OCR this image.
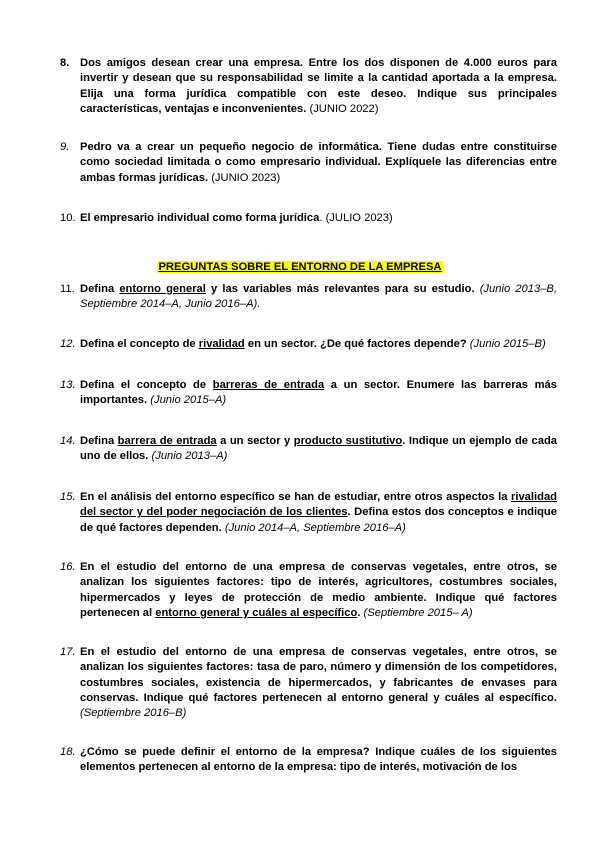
8. Dos amigos desean crear una empresa. Entre los dos disponen de 4.000 euros para invertir y desean que su responsabilidad se limite a la cantidad aportada a la empresa. Elija una forma jurídica compatible con este deseo. Indique sus principales características, ventajas e inconvenientes. (JUNIO 2022)
9. Pedro va a crear un pequeño negocio de informática. Tiene dudas entre constituirse como sociedad limitada o como empresario individual. Explíquele las diferencias entre ambas formas jurídicas. (JUNIO 2023)
10. El empresario individual como forma jurídica. (JULIO 2023)
PREGUNTAS SOBRE EL ENTORNO DE LA EMPRESA
11. Defina entorno general y las variables más relevantes para su estudio. (Junio 2013–B, Septiembre 2014–A, Junio 2016–A).
12. Defina el concepto de rivalidad en un sector. ¿De qué factores depende? (Junio 2015–B)
13. Defina el concepto de barreras de entrada a un sector. Enumere las barreras más importantes. (Junio 2015–A)
14. Defina barrera de entrada a un sector y producto sustitutivo. Indique un ejemplo de cada uno de ellos. (Junio 2013–A)
15. En el análisis del entorno específico se han de estudiar, entre otros aspectos la rivalidad del sector y del poder negociación de los clientes. Defina estos dos conceptos e indique de qué factores dependen. (Junio 2014–A, Septiembre 2016–A)
16. En el estudio del entorno de una empresa de conservas vegetales, entre otros, se analizan los siguientes factores: tipo de interés, agricultores, costumbres sociales, hipermercados y leyes de protección de medio ambiente. Indique qué factores pertenecen al entorno general y cuáles al específico. (Septiembre 2015– A)
17. En el estudio del entorno de una empresa de conservas vegetales, entre otros, se analizan los siguientes factores: tasa de paro, número y dimensión de los competidores, costumbres sociales, existencia de hipermercados, y fabricantes de envases para conservas. Indique qué factores pertenecen al entorno general y cuáles al específico. (Septiembre 2016–B)
18. ¿Cómo se puede definir el entorno de la empresa? Indique cuáles de los siguientes elementos pertenecen al entorno de la empresa: tipo de interés, motivación de los
